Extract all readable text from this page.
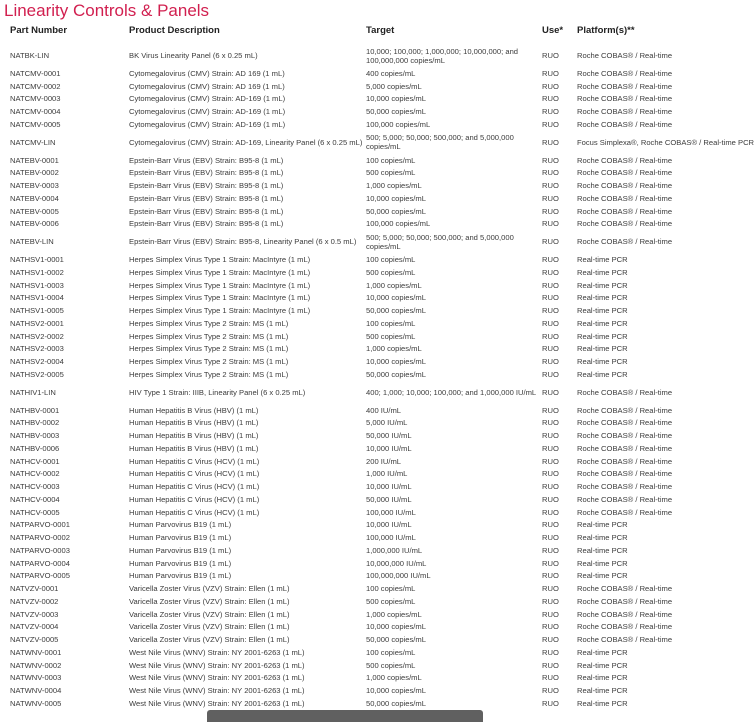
Linearity Controls & Panels
Part Number	Product Description	Target	Use*	Platform(s)**
NATBK-LIN	BK Virus Linearity Panel (6 x 0.25 mL)	10,000; 100,000; 1,000,000; 10,000,000; and 100,000,000 copies/mL	RUO	Roche COBAS® / Real-time
NATCMV-0001	Cytomegalovirus (CMV) Strain: AD 169 (1 mL)	400 copies/mL	RUO	Roche COBAS® / Real-time
NATCMV-0002	Cytomegalovirus (CMV) Strain: AD 169 (1 mL)	5,000 copies/mL	RUO	Roche COBAS® / Real-time
NATCMV-0003	Cytomegalovirus (CMV) Strain: AD-169 (1 mL)	10,000 copies/mL	RUO	Roche COBAS® / Real-time
NATCMV-0004	Cytomegalovirus (CMV) Strain: AD-169 (1 mL)	50,000 copies/mL	RUO	Roche COBAS® / Real-time
NATCMV-0005	Cytomegalovirus (CMV) Strain: AD-169 (1 mL)	100,000 copies/mL	RUO	Roche COBAS® / Real-time
NATCMV-LIN	Cytomegalovirus (CMV) Strain: AD-169, Linearity Panel (6 x 0.25 mL)	500; 5,000; 50,000; 500,000; and 5,000,000 copies/mL	RUO	Focus Simplexa®, Roche COBAS® / Real-time PCR
NATEBV-0001	Epstein-Barr Virus (EBV) Strain: B95-8 (1 mL)	100 copies/mL	RUO	Roche COBAS® / Real-time
NATEBV-0002	Epstein-Barr Virus (EBV) Strain: B95-8 (1 mL)	500 copies/mL	RUO	Roche COBAS® / Real-time
NATEBV-0003	Epstein-Barr Virus (EBV) Strain: B95-8 (1 mL)	1,000 copies/mL	RUO	Roche COBAS® / Real-time
NATEBV-0004	Epstein-Barr Virus (EBV) Strain: B95-8 (1 mL)	10,000 copies/mL	RUO	Roche COBAS® / Real-time
NATEBV-0005	Epstein-Barr Virus (EBV) Strain: B95-8 (1 mL)	50,000 copies/mL	RUO	Roche COBAS® / Real-time
NATEBV-0006	Epstein-Barr Virus (EBV) Strain: B95-8 (1 mL)	100,000 copies/mL	RUO	Roche COBAS® / Real-time
NATEBV-LIN	Epstein-Barr Virus (EBV) Strain: B95-8, Linearity Panel (6 x 0.5 mL)	500; 5,000; 50,000; 500,000; and 5,000,000 copies/mL	RUO	Roche COBAS® / Real-time
NATHSV1-0001	Herpes Simplex Virus Type 1 Strain: MacIntyre (1 mL)	100 copies/mL	RUO	Real-time PCR
NATHSV1-0002	Herpes Simplex Virus Type 1 Strain: MacIntyre (1 mL)	500 copies/mL	RUO	Real-time PCR
NATHSV1-0003	Herpes Simplex Virus Type 1 Strain: MacIntyre (1 mL)	1,000 copies/mL	RUO	Real-time PCR
NATHSV1-0004	Herpes Simplex Virus Type 1 Strain: MacIntyre (1 mL)	10,000 copies/mL	RUO	Real-time PCR
NATHSV1-0005	Herpes Simplex Virus Type 1 Strain: MacIntyre (1 mL)	50,000 copies/mL	RUO	Real-time PCR
NATHSV2-0001	Herpes Simplex Virus Type 2 Strain: MS (1 mL)	100 copies/mL	RUO	Real-time PCR
NATHSV2-0002	Herpes Simplex Virus Type 2 Strain: MS (1 mL)	500 copies/mL	RUO	Real-time PCR
NATHSV2-0003	Herpes Simplex Virus Type 2 Strain: MS (1 mL)	1,000 copies/mL	RUO	Real-time PCR
NATHSV2-0004	Herpes Simplex Virus Type 2 Strain: MS (1 mL)	10,000 copies/mL	RUO	Real-time PCR
NATHSV2-0005	Herpes Simplex Virus Type 2 Strain: MS (1 mL)	50,000 copies/mL	RUO	Real-time PCR
NATHIV1-LIN	HIV Type 1 Strain: IIIB, Linearity Panel (6 x 0.25 mL)	400; 1,000; 10,000; 100,000; and 1,000,000 IU/mL	RUO	Roche COBAS® / Real-time
NATHBV-0001	Human Hepatitis B Virus (HBV) (1 mL)	400 IU/mL	RUO	Roche COBAS® / Real-time
NATHBV-0002	Human Hepatitis B Virus (HBV) (1 mL)	5,000 IU/mL	RUO	Roche COBAS® / Real-time
NATHBV-0003	Human Hepatitis B Virus (HBV) (1 mL)	50,000 IU/mL	RUO	Roche COBAS® / Real-time
NATHBV-0006	Human Hepatitis B Virus (HBV) (1 mL)	10,000 IU/mL	RUO	Roche COBAS® / Real-time
NATHCV-0001	Human Hepatitis C Virus (HCV) (1 mL)	200 IU/mL	RUO	Roche COBAS® / Real-time
NATHCV-0002	Human Hepatitis C Virus (HCV) (1 mL)	1,000 IU/mL	RUO	Roche COBAS® / Real-time
NATHCV-0003	Human Hepatitis C Virus (HCV) (1 mL)	10,000 IU/mL	RUO	Roche COBAS® / Real-time
NATHCV-0004	Human Hepatitis C Virus (HCV) (1 mL)	50,000 IU/mL	RUO	Roche COBAS® / Real-time
NATHCV-0005	Human Hepatitis C Virus (HCV) (1 mL)	100,000 IU/mL	RUO	Roche COBAS® / Real-time
NATPARVO-0001	Human Parvovirus B19 (1 mL)	10,000 IU/mL	RUO	Real-time PCR
NATPARVO-0002	Human Parvovirus B19 (1 mL)	100,000 IU/mL	RUO	Real-time PCR
NATPARVO-0003	Human Parvovirus B19 (1 mL)	1,000,000 IU/mL	RUO	Real-time PCR
NATPARVO-0004	Human Parvovirus B19 (1 mL)	10,000,000 IU/mL	RUO	Real-time PCR
NATPARVO-0005	Human Parvovirus B19 (1 mL)	100,000,000 IU/mL	RUO	Real-time PCR
NATVZV-0001	Varicella Zoster Virus (VZV) Strain: Ellen (1 mL)	100 copies/mL	RUO	Roche COBAS® / Real-time
NATVZV-0002	Varicella Zoster Virus (VZV) Strain: Ellen (1 mL)	500 copies/mL	RUO	Roche COBAS® / Real-time
NATVZV-0003	Varicella Zoster Virus (VZV) Strain: Ellen (1 mL)	1,000 copies/mL	RUO	Roche COBAS® / Real-time
NATVZV-0004	Varicella Zoster Virus (VZV) Strain: Ellen (1 mL)	10,000 copies/mL	RUO	Roche COBAS® / Real-time
NATVZV-0005	Varicella Zoster Virus (VZV) Strain: Ellen (1 mL)	50,000 copies/mL	RUO	Roche COBAS® / Real-time
NATWNV-0001	West Nile Virus (WNV) Strain: NY 2001-6263 (1 mL)	100 copies/mL	RUO	Real-time PCR
NATWNV-0002	West Nile Virus (WNV) Strain: NY 2001-6263 (1 mL)	500 copies/mL	RUO	Real-time PCR
NATWNV-0003	West Nile Virus (WNV) Strain: NY 2001-6263 (1 mL)	1,000 copies/mL	RUO	Real-time PCR
NATWNV-0004	West Nile Virus (WNV) Strain: NY 2001-6263 (1 mL)	10,000 copies/mL	RUO	Real-time PCR
NATWNV-0005	West Nile Virus (WNV) Strain: NY 2001-6263 (1 mL)	50,000 copies/mL	RUO	Real-time PCR
